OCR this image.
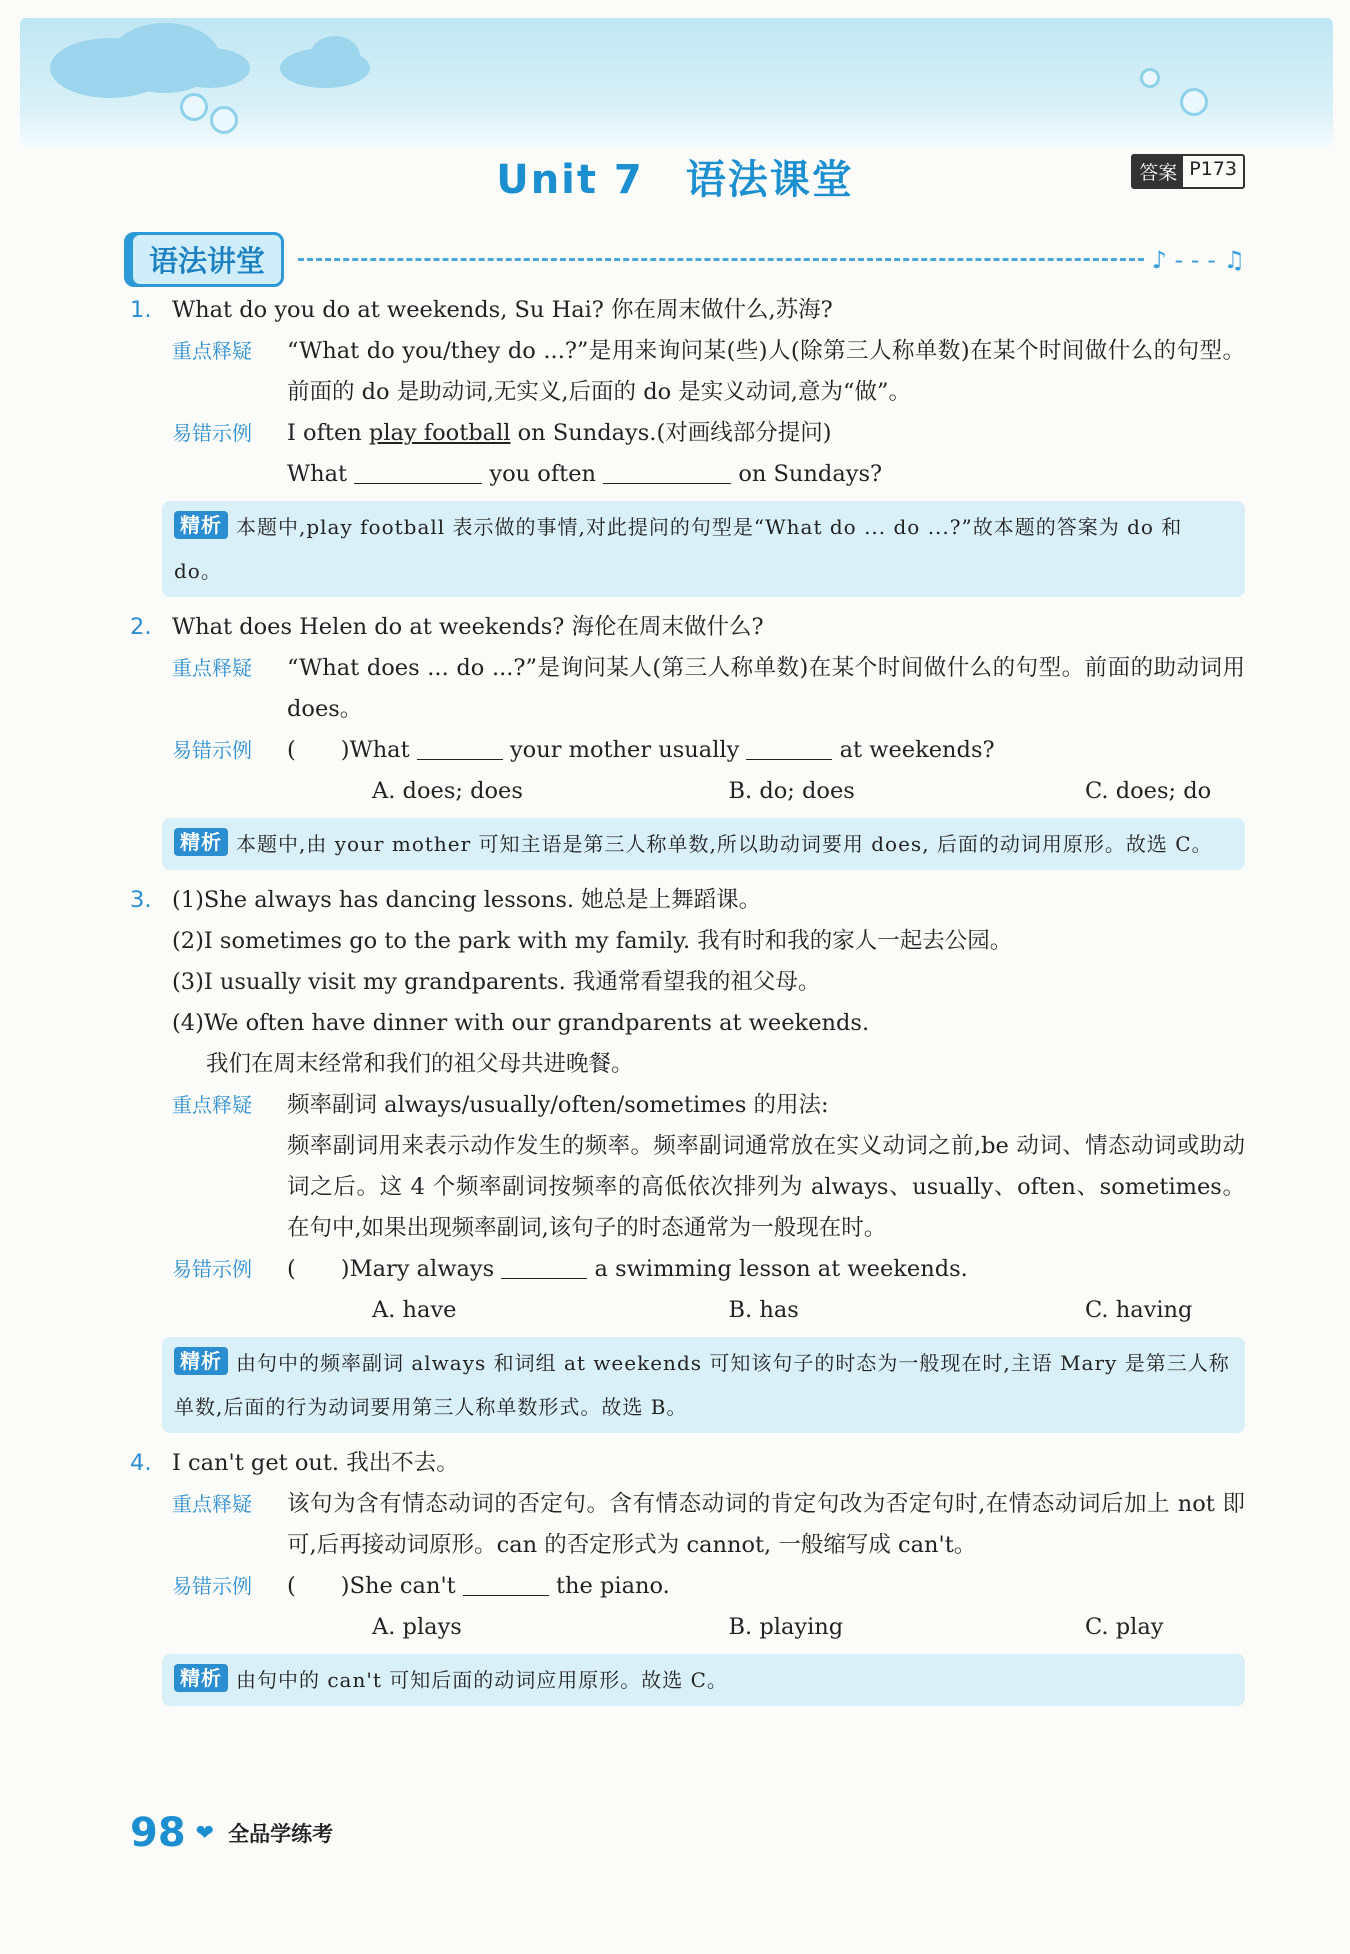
Unit 7　语法课堂	答案 P173
语法讲堂	♪ - - - ♫
1. What do you do at weekends, Su Hai? 你在周末做什么,苏海?
重点释疑	“What do you/they do ...?”是用来询问某(些)人(除第三人称单数)在某个时间做什么的句型。前面的 do 是助动词,无实义,后面的 do 是实义动词,意为“做”。
易错示例	I often play football on Sundays.(对画线部分提问)
What	you often	on Sundays?
精析 本题中,play football 表示做的事情,对此提问的句型是“What do ... do ...?”故本题的答案为 do 和 do。
2. What does Helen do at weekends? 海伦在周末做什么?
重点释疑	“What does ... do ...?”是询问某人(第三人称单数)在某个时间做什么的句型。前面的助动词用 does。
易错示例	(　　)What	your mother usually	at weekends?
A. does; does	B. do; does	C. does; do
精析 本题中,由 your mother 可知主语是第三人称单数,所以助动词要用 does, 后面的动词用原形。故选 C。
3. (1)She always has dancing lessons. 她总是上舞蹈课。
(2)I sometimes go to the park with my family. 我有时和我的家人一起去公园。
(3)I usually visit my grandparents. 我通常看望我的祖父母。
(4)We often have dinner with our grandparents at weekends.
我们在周末经常和我们的祖父母共进晚餐。
重点释疑	频率副词 always/usually/often/sometimes 的用法:
频率副词用来表示动作发生的频率。频率副词通常放在实义动词之前,be 动词、情态动词或助动词之后。这 4 个频率副词按频率的高低依次排列为 always、usually、often、sometimes。在句中,如果出现频率副词,该句子的时态通常为一般现在时。
易错示例	(　　)Mary always	a swimming lesson at weekends.
A. have	B. has	C. having
精析 由句中的频率副词 always 和词组 at weekends 可知该句子的时态为一般现在时,主语 Mary 是第三人称单数,后面的行为动词要用第三人称单数形式。故选 B。
4. I can't get out. 我出不去。
重点释疑	该句为含有情态动词的否定句。含有情态动词的肯定句改为否定句时,在情态动词后加上 not 即可,后再接动词原形。can 的否定形式为 cannot, 一般缩写成 can't。
易错示例	(　　)She can't	the piano.
A. plays	B. playing	C. play
精析 由句中的 can't 可知后面的动词应用原形。故选 C。
98 ❤ 全品学练考
